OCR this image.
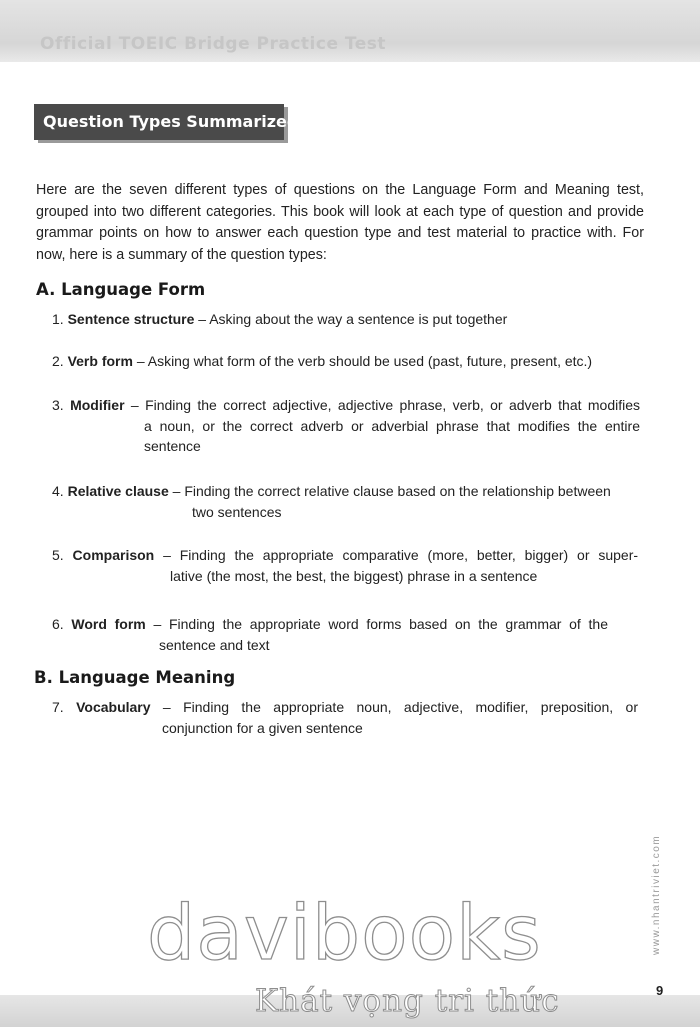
Official TOEIC Bridge Practice Test
Question Types Summarized

Here are the seven different types of questions on the Language Form and Meaning test, grouped into two different categories. This book will look at each type of question and provide grammar points on how to answer each question type and test material to practice with. For now, here is a summary of the question types:

A. Language Form
1. Sentence structure – Asking about the way a sentence is put together
2. Verb form – Asking what form of the verb should be used (past, future, present, etc.)
3. Modifier – Finding the correct adjective, adjective phrase, verb, or adverb that modifies
a noun, or the correct adverb or adverbial phrase that modifies the entire
sentence
4. Relative clause – Finding the correct relative clause based on the relationship between
two sentences
5. Comparison – Finding the appropriate comparative (more, better, bigger) or super-
lative (the most, the best, the biggest) phrase in a sentence
6. Word form – Finding the appropriate word forms based on the grammar of the
sentence and text
B. Language Meaning
7. Vocabulary – Finding the appropriate noun, adjective, modifier, preposition, or
conjunction for a given sentence
www.nhantriviet.com
davibooks
Khát vọng tri thức	9
